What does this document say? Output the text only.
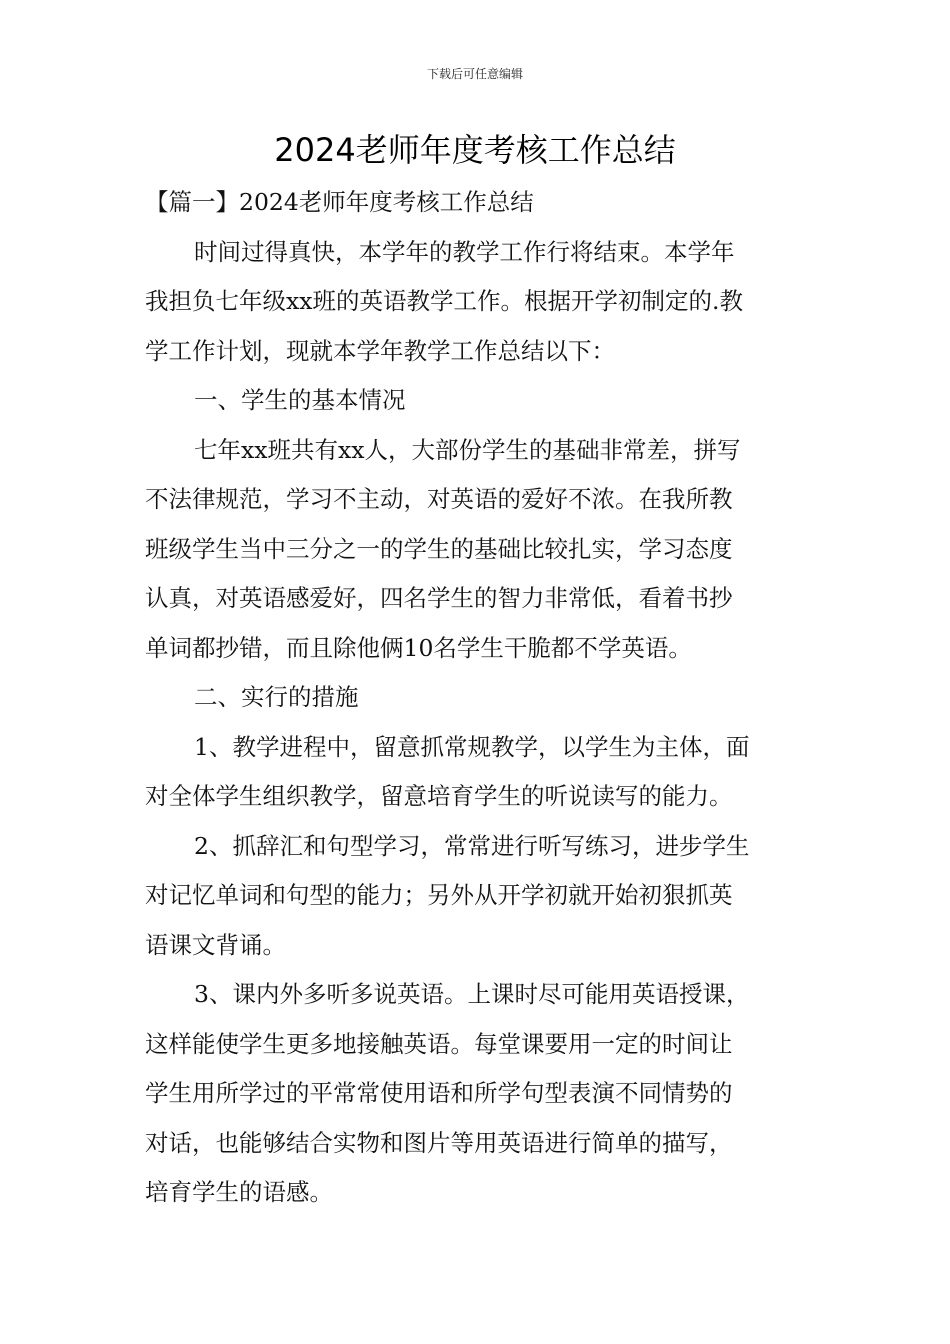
下载后可任意编辑
2024老师年度考核工作总结
【篇一】2024老师年度考核工作总结
时间过得真快，本学年的教学工作行将结束。本学年
我担负七年级xx班的英语教学工作。根据开学初制定的.教
学工作计划，现就本学年教学工作总结以下：
一、学生的基本情况
七年xx班共有xx人，大部份学生的基础非常差，拼写
不法律规范，学习不主动，对英语的爱好不浓。在我所教
班级学生当中三分之一的学生的基础比较扎实，学习态度
认真，对英语感爱好，四名学生的智力非常低，看着书抄
单词都抄错，而且除他俩10名学生干脆都不学英语。
二、实行的措施
1、教学进程中，留意抓常规教学，以学生为主体，面
对全体学生组织教学，留意培育学生的听说读写的能力。
2、抓辞汇和句型学习，常常进行听写练习，进步学生
对记忆单词和句型的能力；另外从开学初就开始初狠抓英
语课文背诵。
3、课内外多听多说英语。上课时尽可能用英语授课，
这样能使学生更多地接触英语。每堂课要用一定的时间让
学生用所学过的平常常使用语和所学句型表演不同情势的
对话，也能够结合实物和图片等用英语进行简单的描写，
培育学生的语感。
